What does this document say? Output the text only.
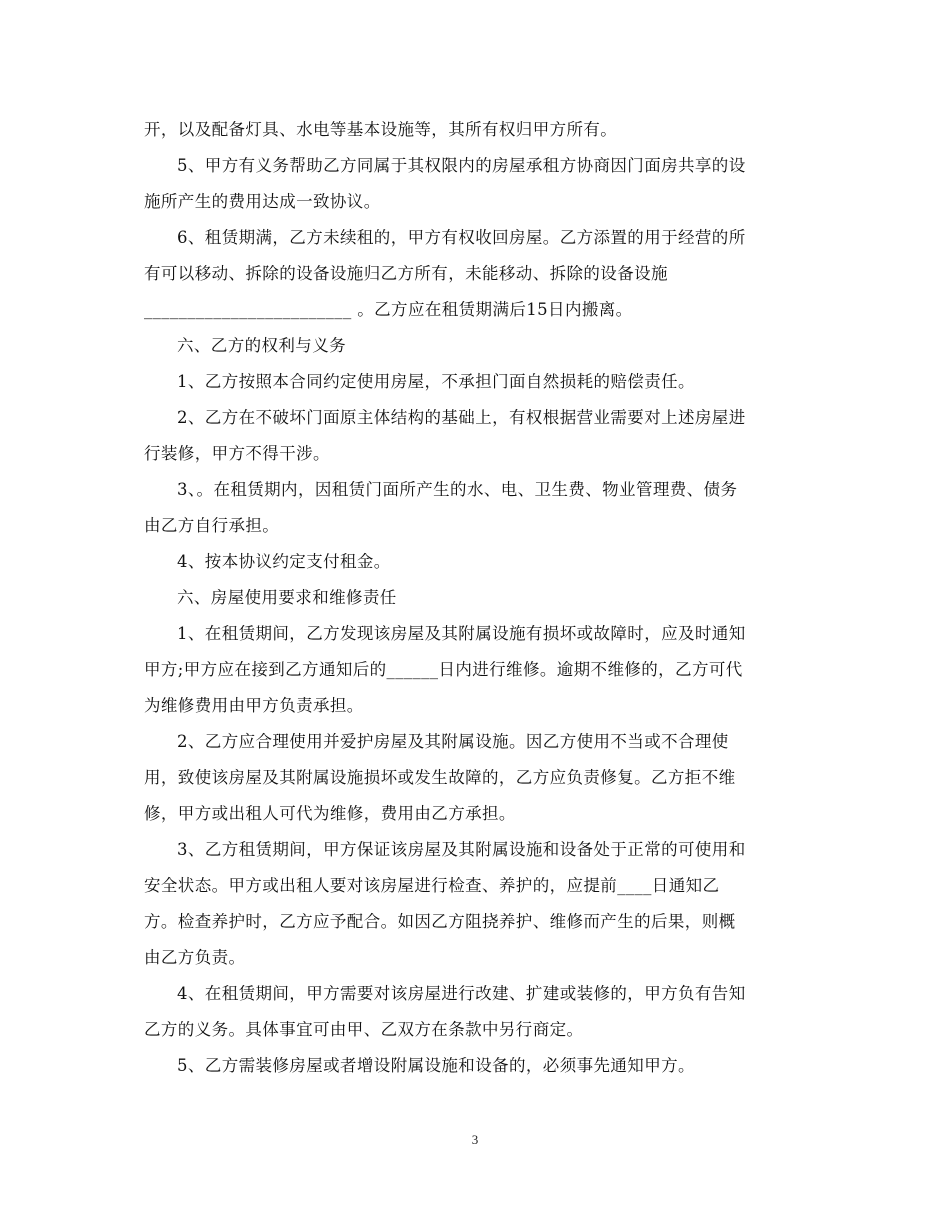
开，以及配备灯具、水电等基本设施等，其所有权归甲方所有。

5、甲方有义务帮助乙方同属于其权限内的房屋承租方协商因门面房共享的设
施所产生的费用达成一致协议。

6、租赁期满，乙方未续租的，甲方有权收回房屋。乙方添置的用于经营的所
有可以移动、拆除的设备设施归乙方所有，未能移动、拆除的设备设施
________________________ 。乙方应在租赁期满后15日内搬离。

六、乙方的权利与义务

1、乙方按照本合同约定使用房屋，不承担门面自然损耗的赔偿责任。

2、乙方在不破坏门面原主体结构的基础上，有权根据营业需要对上述房屋进
行装修，甲方不得干涉。

3、。在租赁期内，因租赁门面所产生的水、电、卫生费、物业管理费、债务
由乙方自行承担。

4、按本协议约定支付租金。

六、房屋使用要求和维修责任

1、在租赁期间，乙方发现该房屋及其附属设施有损坏或故障时，应及时通知
甲方;甲方应在接到乙方通知后的______日内进行维修。逾期不维修的，乙方可代
为维修费用由甲方负责承担。

2、乙方应合理使用并爱护房屋及其附属设施。因乙方使用不当或不合理使
用，致使该房屋及其附属设施损坏或发生故障的，乙方应负责修复。乙方拒不维
修，甲方或出租人可代为维修，费用由乙方承担。

3、乙方租赁期间，甲方保证该房屋及其附属设施和设备处于正常的可使用和
安全状态。甲方或出租人要对该房屋进行检查、养护的，应提前____日通知乙
方。检查养护时，乙方应予配合。如因乙方阻挠养护、维修而产生的后果，则概
由乙方负责。

4、在租赁期间，甲方需要对该房屋进行改建、扩建或装修的，甲方负有告知
乙方的义务。具体事宜可由甲、乙双方在条款中另行商定。

5、乙方需装修房屋或者增设附属设施和设备的，必须事先通知甲方。

3
